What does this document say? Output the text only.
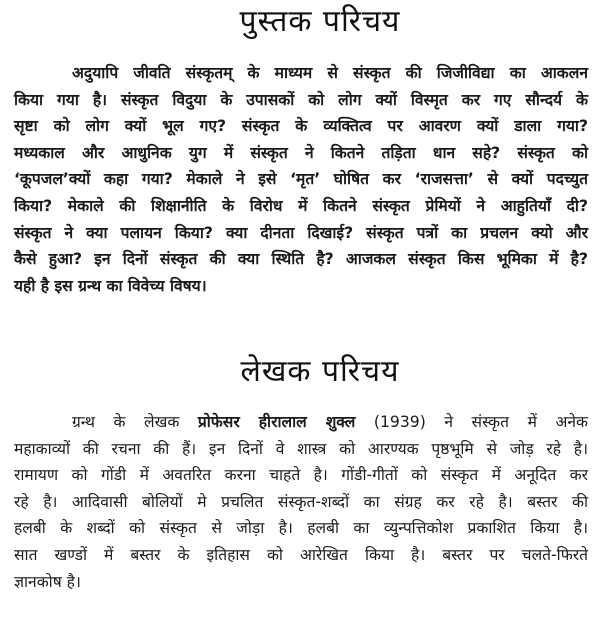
पुस्तक परिचय

अदुयापि जीवति संस्कृतम् के माध्यम से संस्कृत की जिजीविद्या का आकलन
किया गया है। संस्कृत विदुया के उपासकों को लोग क्यों विस्मृत कर गए सौन्दर्य के
सृष्टा को लोग क्यों भूल गए? संस्कृत के व्यक्तित्व पर आवरण क्यों डाला गया?
मध्यकाल और आधुनिक युग में संस्कृत ने कितने तड़िता धान सहे? संस्कृत को
‘कूपजल’क्यों कहा गया? मेकाले ने इसे ‘मृत’ घोषित कर ‘राजसत्ता’ से क्यों पदच्युत
किया? मेकाले की शिक्षानीति के विरोध में कितने संस्कृत प्रेमियों ने आहुतियाँ दी?
संस्कृत ने क्या पलायन किया? क्या दीनता दिखाई? संस्कृत पत्रों का प्रचलन क्यो और
कैसे हुआ? इन दिनों संस्कृत की क्या स्थिति है? आजकल संस्कृत किस भूमिका में है?
यही है इस ग्रन्थ का विवेच्य विषय।

लेखक परिचय

ग्रन्थ के लेखक प्रोफेसर हीरालाल शुक्ल (1939) ने संस्कृत में अनेक
महाकाव्यों की रचना की हैं। इन दिनों वे शास्त्र को आरण्यक पृष्ठभूमि से जोड़ रहे है।
रामायण को गोंडी में अवतरित करना चाहते है। गोंडी-गीतों को संस्कृत में अनूदित कर
रहे है। आदिवासी बोलियों मे प्रचलित संस्कृत-शब्दों का संग्रह कर रहे है। बस्तर की
हलबी के शब्दों को संस्कृत से जोड़ा है। हलबी का व्युन्पत्तिकोश प्रकाशित किया है।
सात खण्डों में बस्तर के इतिहास को आरेखित किया है। बस्तर पर चलते-फिरते
ज्ञानकोष है।
